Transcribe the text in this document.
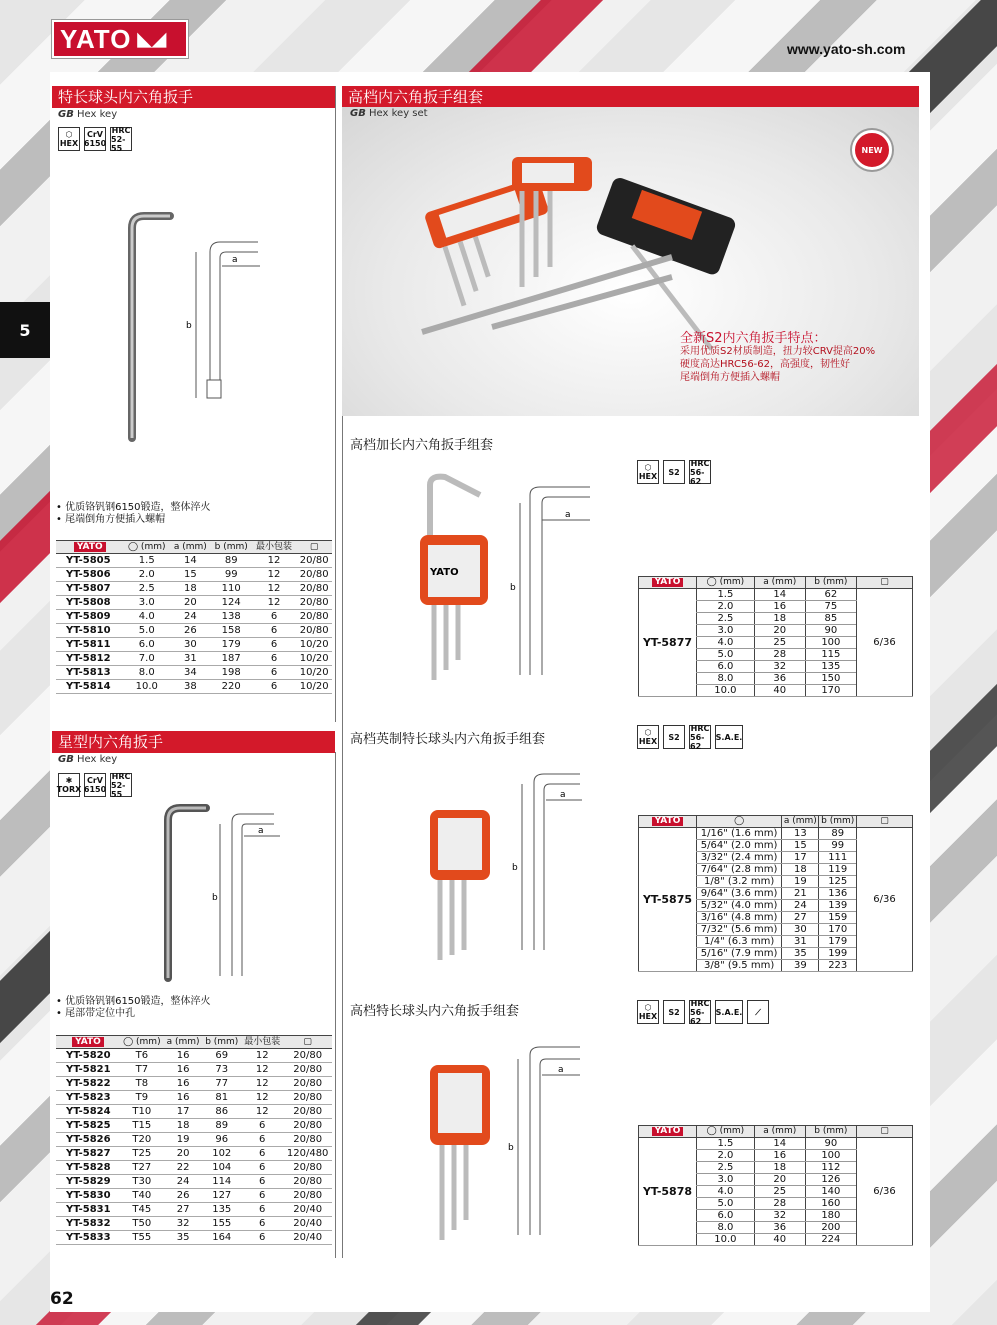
YATO ◣◢
www.yato-sh.com
5
62
特长球头内六角扳手
GB Hex key
⬡
HEX
CrV
6150
HRC
52-55
a
b
• 优质铬钒钢6150锻造，整体淬火
• 尾端倒角方便插入螺帽
YATO	◯ (mm)	a (mm)	b (mm)	最小包装	▢
YT-5805	1.5	14	89	12	20/80
YT-5806	2.0	15	99	12	20/80
YT-5807	2.5	18	110	12	20/80
YT-5808	3.0	20	124	12	20/80
YT-5809	4.0	24	138	6	20/80
YT-5810	5.0	26	158	6	20/80
YT-5811	6.0	30	179	6	10/20
YT-5812	7.0	31	187	6	10/20
YT-5813	8.0	34	198	6	10/20
YT-5814	10.0	38	220	6	10/20
星型内六角扳手
GB Hex key
✱
TORX
CrV
6150
HRC
52-55
a
b
• 优质铬钒钢6150锻造，整体淬火
• 尾部带定位中孔
YATO	◯ (mm)	a (mm)	b (mm)	最小包装	▢
YT-5820	T6	16	69	12	20/80
YT-5821	T7	16	73	12	20/80
YT-5822	T8	16	77	12	20/80
YT-5823	T9	16	81	12	20/80
YT-5824	T10	17	86	12	20/80
YT-5825	T15	18	89	6	20/80
YT-5826	T20	19	96	6	20/80
YT-5827	T25	20	102	6	120/480
YT-5828	T27	22	104	6	20/80
YT-5829	T30	24	114	6	20/80
YT-5830	T40	26	127	6	20/80
YT-5831	T45	27	135	6	20/40
YT-5832	T50	32	155	6	20/40
YT-5833	T55	35	164	6	20/40
高档内六角扳手组套
GB Hex key set
NEW
全新S2内六角扳手特点：
采用优质S2材质制造，扭力较CRV提高20%
硬度高达HRC56-62，高强度，韧性好
尾端倒角方便插入螺帽
高档加长内六角扳手组套
⬡
HEX S2
HRC
56-62
YATO
a
b
YATO	◯ (mm)	a (mm)	b (mm)	▢
YT-5877	1.5	14	62	6/36
	2.0	16	75	
	2.5	18	85	
	3.0	20	90	
	4.0	25	100	
	5.0	28	115	
	6.0	32	135	
	8.0	36	150	
	10.0	40	170	
高档英制特长球头内六角扳手组套	⬡
HEX S2
HRC
56-62
S.A.E.
a
b
YATO	◯	a (mm)	b (mm)	▢
YT-5875	1/16" (1.6 mm)	13	89	6/36
	5/64" (2.0 mm)	15	99	
	3/32" (2.4 mm)	17	111	
	7/64" (2.8 mm)	18	119	
	1/8" (3.2 mm)	19	125	
	9/64" (3.6 mm)	21	136	
	5/32" (4.0 mm)	24	139	
	3/16" (4.8 mm)	27	159	
	7/32" (5.6 mm)	30	170	
	1/4" (6.3 mm)	31	179	
	5/16" (7.9 mm)	35	199	
	3/8" (9.5 mm)	39	223	
高档特长球头内六角扳手组套	⬡
HEX S2
HRC
56-62
S.A.E. ⟋
a
b
YATO	◯ (mm)	a (mm)	b (mm)	▢
YT-5878	1.5	14	90	6/36
	2.0	16	100	
	2.5	18	112	
	3.0	20	126	
	4.0	25	140	
	5.0	28	160	
	6.0	32	180	
	8.0	36	200	
	10.0	40	224	
